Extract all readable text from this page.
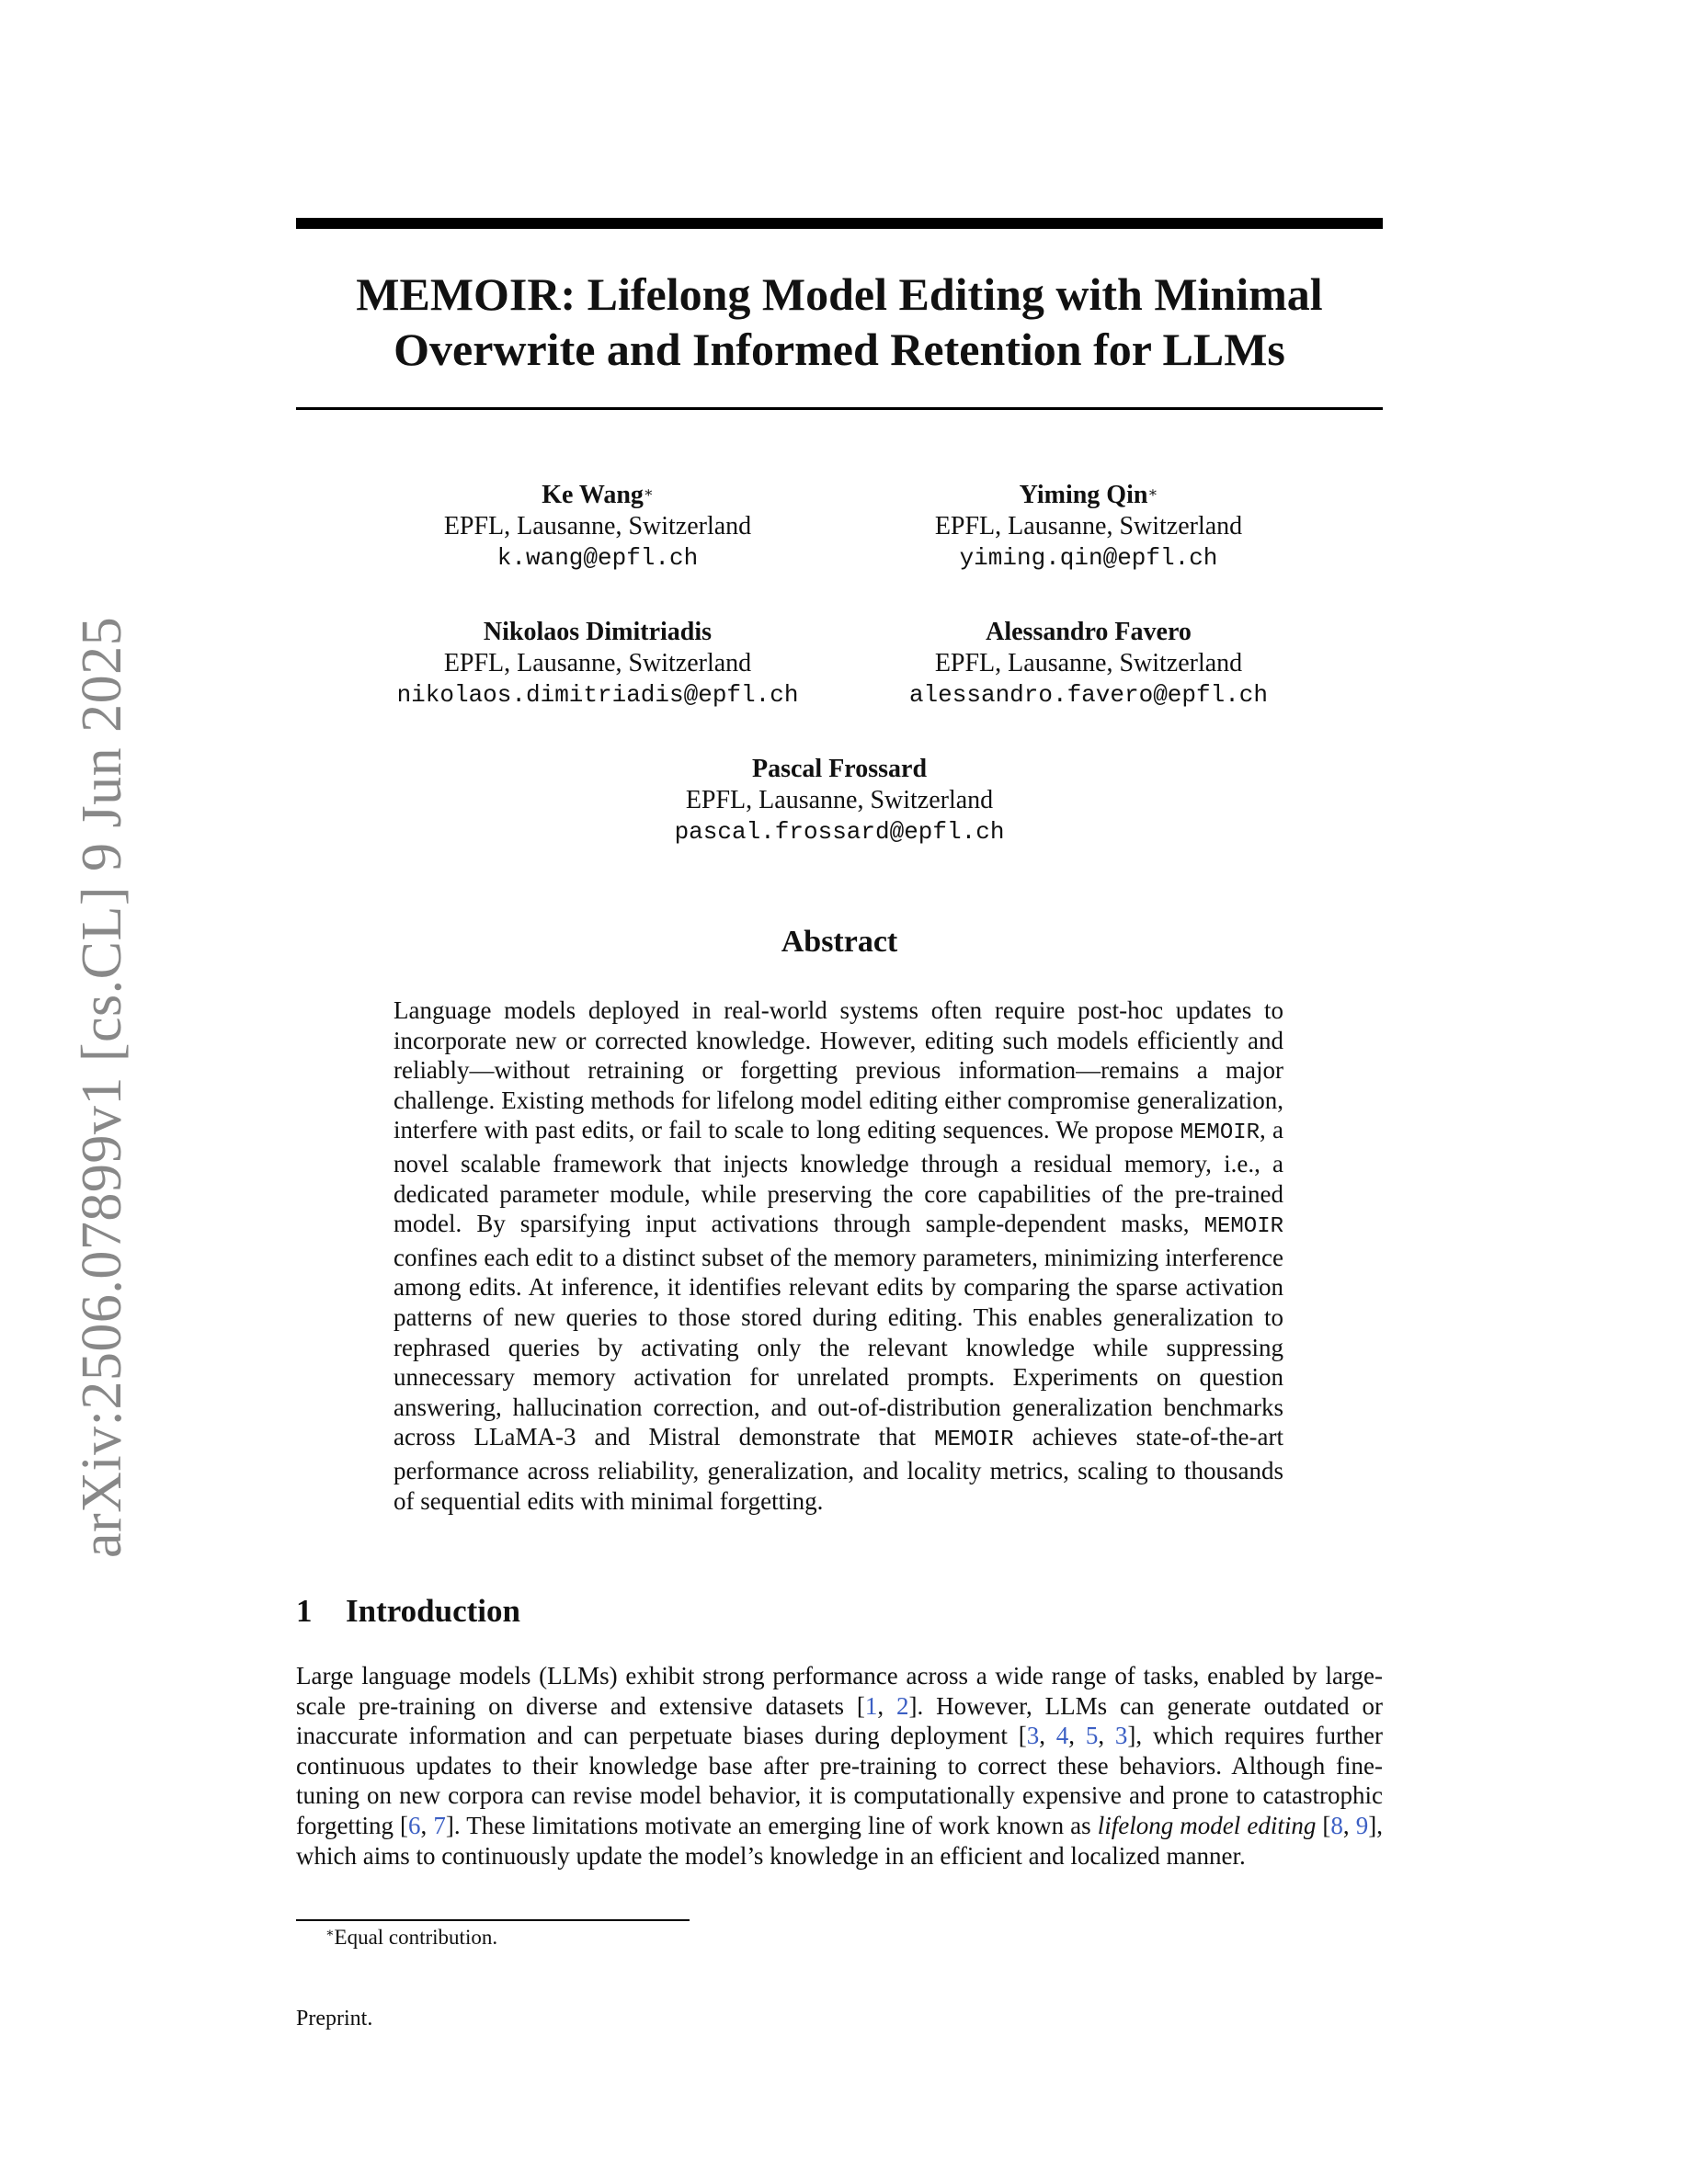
arXiv:2506.07899v1 [cs.CL] 9 Jun 2025
MEMOIR: Lifelong Model Editing with Minimal
Overwrite and Informed Retention for LLMs
Ke Wang∗
EPFL, Lausanne, Switzerland
k.wang@epfl.ch
Yiming Qin∗
EPFL, Lausanne, Switzerland
yiming.qin@epfl.ch
Nikolaos Dimitriadis
EPFL, Lausanne, Switzerland
nikolaos.dimitriadis@epfl.ch
Alessandro Favero
EPFL, Lausanne, Switzerland
alessandro.favero@epfl.ch
Pascal Frossard
EPFL, Lausanne, Switzerland
pascal.frossard@epfl.ch
Abstract
Language models deployed in real-world systems often require post-hoc updates to incorporate new or corrected knowledge. However, editing such models efficiently and reliably—without retraining or forgetting previous information—remains a major challenge. Existing methods for lifelong model editing either compromise generalization, interfere with past edits, or fail to scale to long editing sequences. We propose MEMOIR, a novel scalable framework that injects knowledge through a residual memory, i.e., a dedicated parameter module, while preserving the core capabilities of the pre-trained model. By sparsifying input activations through sample-dependent masks, MEMOIR confines each edit to a distinct subset of the memory parameters, minimizing interference among edits. At inference, it identifies relevant edits by comparing the sparse activation patterns of new queries to those stored during editing. This enables generalization to rephrased queries by activating only the relevant knowledge while suppressing unnecessary memory activation for unrelated prompts. Experiments on question answering, hallucination correction, and out-of-distribution generalization benchmarks across LLaMA-3 and Mistral demonstrate that MEMOIR achieves state-of-the-art performance across reliability, generalization, and locality metrics, scaling to thousands of sequential edits with minimal forgetting.
1 Introduction
Large language models (LLMs) exhibit strong performance across a wide range of tasks, enabled by large-scale pre-training on diverse and extensive datasets [1, 2]. However, LLMs can generate outdated or inaccurate information and can perpetuate biases during deployment [3, 4, 5, 3], which requires further continuous updates to their knowledge base after pre-training to correct these behaviors. Although fine-tuning on new corpora can revise model behavior, it is computationally expensive and prone to catastrophic forgetting [6, 7]. These limitations motivate an emerging line of work known as lifelong model editing [8, 9], which aims to continuously update the model’s knowledge in an efficient and localized manner.
∗Equal contribution.
Preprint.
